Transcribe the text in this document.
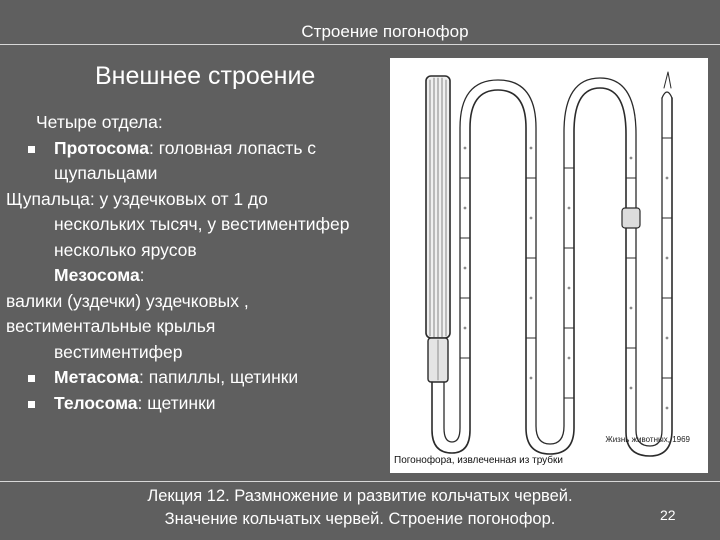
Строение погонофор
Внешнее строение

Четыре отдела:

Протосома: головная лопасть с

щупальцами

Щупальца: у уздечковых от 1 до

нескольких тысяч, у вестиментифер

несколько ярусов

Мезосома:

валики (уздечки) уздечковых ,

вестиментальные крылья

вестиментифер

Метасома: папиллы, щетинки

Телосома: щетинки

Жизнь животных, 1969
Погонофора, извлеченная из трубки
Лекция 12. Размножение и развитие кольчатых червей.
Значение кольчатых червей. Строение погонофор.	22
